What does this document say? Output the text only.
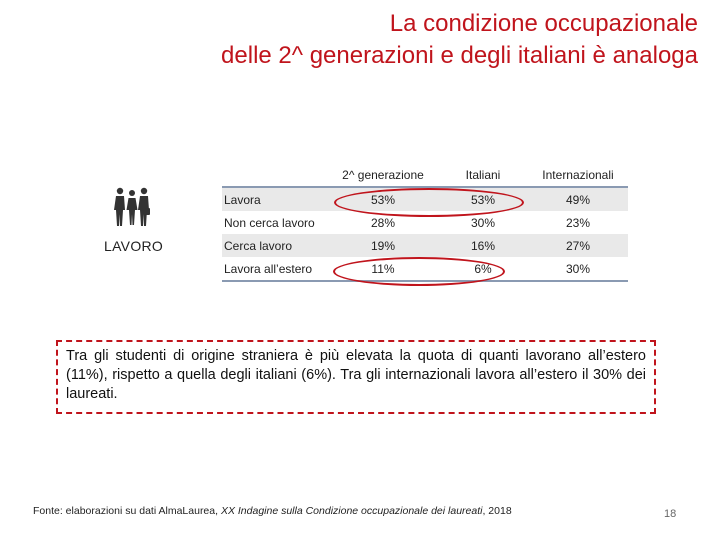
La condizione occupazionale
delle 2^ generazioni e degli italiani è analoga
LAVORO
	2^ generazione	Italiani	Internazionali
Lavora	53%	53%	49%
Non cerca lavoro	28%	30%	23%
Cerca lavoro	19%	16%	27%
Lavora all’estero	11%	6%	30%
Tra gli studenti di origine straniera è più elevata la quota di quanti lavorano all’estero (11%), rispetto a quella degli italiani (6%). Tra gli internazionali lavora all’estero il 30% dei laureati.
Fonte: elaborazioni su dati AlmaLaurea, XX Indagine sulla Condizione occupazionale dei laureati, 2018	18
